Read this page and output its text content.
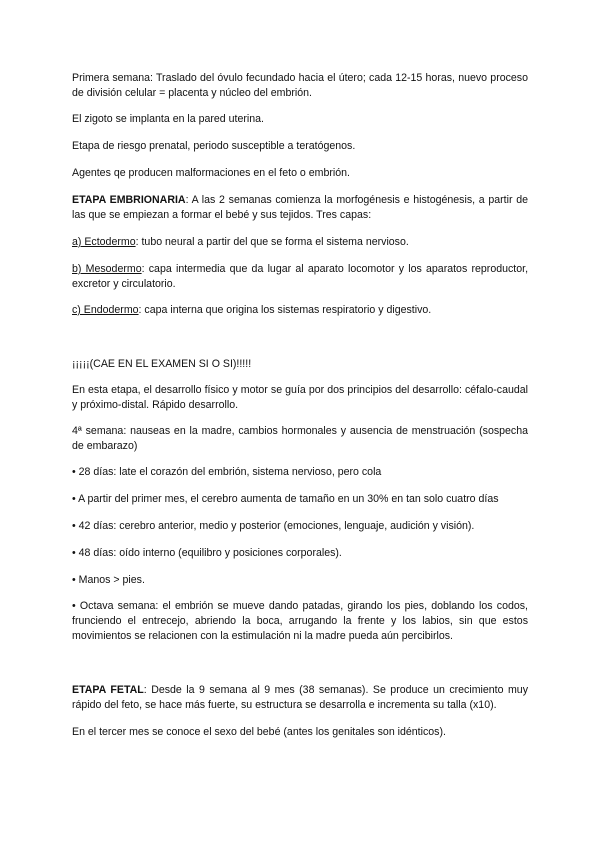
Primera semana: Traslado del óvulo fecundado hacia el útero; cada 12-15 horas, nuevo proceso de división celular = placenta y núcleo del embrión.

El zigoto se implanta en la pared uterina.

Etapa de riesgo prenatal, periodo susceptible a teratógenos.

Agentes qe producen malformaciones en el feto o embrión.

ETAPA EMBRIONARIA: A las 2 semanas comienza la morfogénesis e histogénesis, a partir de las que se empiezan a formar el bebé y sus tejidos. Tres capas:

a) Ectodermo: tubo neural a partir del que se forma el sistema nervioso.

b) Mesodermo: capa intermedia que da lugar al aparato locomotor y los aparatos reproductor, excretor y circulatorio.

c) Endodermo: capa interna que origina los sistemas respiratorio y digestivo.

¡¡¡¡¡(CAE EN EL EXAMEN SI O SI)!!!!!

En esta etapa, el desarrollo físico y motor se guía por dos principios del desarrollo: céfalo-caudal y próximo-distal. Rápido desarrollo.

4ª semana: nauseas en la madre, cambios hormonales y ausencia de menstruación (sospecha de embarazo)

• 28 días: late el corazón del embrión, sistema nervioso, pero cola

• A partir del primer mes, el cerebro aumenta de tamaño en un 30% en tan solo cuatro días

• 42 días: cerebro anterior, medio y posterior (emociones, lenguaje, audición y visión).

• 48 días: oído interno (equilibro y posiciones corporales).

• Manos > pies.

• Octava semana: el embrión se mueve dando patadas, girando los pies, doblando los codos, frunciendo el entrecejo, abriendo la boca, arrugando la frente y los labios, sin que estos movimientos se relacionen con la estimulación ni la madre pueda aún percibirlos.

ETAPA FETAL: Desde la 9 semana al 9 mes (38 semanas). Se produce un crecimiento muy rápido del feto, se hace más fuerte, su estructura se desarrolla e incrementa su talla (x10).

En el tercer mes se conoce el sexo del bebé (antes los genitales son idénticos).
